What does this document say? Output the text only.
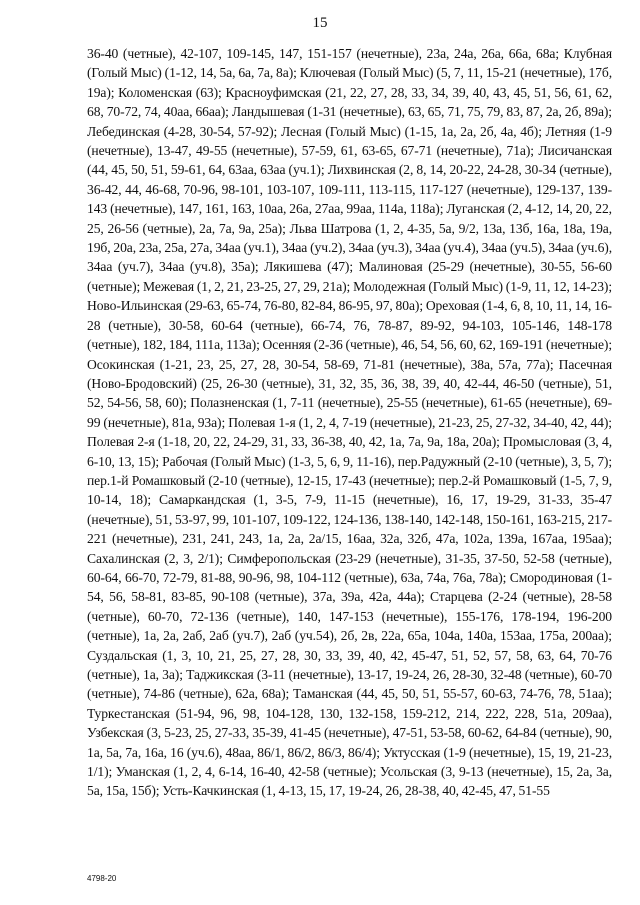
15

36-40 (четные), 42-107, 109-145, 147, 151-157 (нечетные), 23а, 24а, 26а, 66а, 68а; Клубная (Голый Мыс) (1-12, 14, 5а, 6а, 7а, 8а); Ключевая (Голый Мыс) (5, 7, 11, 15-21 (нечетные), 17б, 19а); Коломенская (63); Красноуфимская (21, 22, 27, 28, 33, 34, 39, 40, 43, 45, 51, 56, 61, 62, 68, 70-72, 74, 40аа, 66аа); Ландышевая (1-31 (нечетные), 63, 65, 71, 75, 79, 83, 87, 2а, 2б, 89а); Лебединская (4-28, 30-54, 57-92); Лесная (Голый Мыс) (1-15, 1а, 2а, 2б, 4а, 4б); Летняя (1-9 (нечетные), 13-47, 49-55 (нечетные), 57-59, 61, 63-65, 67-71 (нечетные), 71а); Лисичанская (44, 45, 50, 51, 59-61, 64, 63аа, 63аа (уч.1); Лихвинская (2, 8, 14, 20-22, 24-28, 30-34 (четные), 36-42, 44, 46-68, 70-96, 98-101, 103-107, 109-111, 113-115, 117-127 (нечетные), 129-137, 139-143 (нечетные), 147, 161, 163, 10аа, 26а, 27аа, 99аа, 114а, 118а); Луганская (2, 4-12, 14, 20, 22, 25, 26-56 (четные), 2а, 7а, 9а, 25а); Льва Шатрова (1, 2, 4-35, 5а, 9/2, 13а, 13б, 16а, 18а, 19а, 19б, 20а, 23а, 25а, 27а, 34аа (уч.1), 34аа (уч.2), 34аа (уч.3), 34аа (уч.4), 34аа (уч.5), 34аа (уч.6), 34аа (уч.7), 34аа (уч.8), 35а); Лякишева (47); Малиновая (25-29 (нечетные), 30-55, 56-60 (четные); Межевая (1, 2, 21, 23-25, 27, 29, 21а); Молодежная (Голый Мыс) (1-9, 11, 12, 14-23); Ново-Ильинская (29-63, 65-74, 76-80, 82-84, 86-95, 97, 80а); Ореховая (1-4, 6, 8, 10, 11, 14, 16-28 (четные), 30-58, 60-64 (четные), 66-74, 76, 78-87, 89-92, 94-103, 105-146, 148-178 (четные), 182, 184, 111а, 113а); Осенняя (2-36 (четные), 46, 54, 56, 60, 62, 169-191 (нечетные); Осокинская (1-21, 23, 25, 27, 28, 30-54, 58-69, 71-81 (нечетные), 38а, 57а, 77а); Пасечная (Ново-Бродовский) (25, 26-30 (четные), 31, 32, 35, 36, 38, 39, 40, 42-44, 46-50 (четные), 51, 52, 54-56, 58, 60); Полазненская (1, 7-11 (нечетные), 25-55 (нечетные), 61-65 (нечетные), 69-99 (нечетные), 81а, 93а); Полевая 1-я (1, 2, 4, 7-19 (нечетные), 21-23, 25, 27-32, 34-40, 42, 44); Полевая 2-я (1-18, 20, 22, 24-29, 31, 33, 36-38, 40, 42, 1а, 7а, 9а, 18а, 20а); Промысловая (3, 4, 6-10, 13, 15); Рабочая (Голый Мыс) (1-3, 5, 6, 9, 11-16), пер.Радужный (2-10 (четные), 3, 5, 7); пер.1-й Ромашковый (2-10 (четные), 12-15, 17-43 (нечетные); пер.2-й Ромашковый (1-5, 7, 9, 10-14, 18); Самаркандская (1, 3-5, 7-9, 11-15 (нечетные), 16, 17, 19-29, 31-33, 35-47 (нечетные), 51, 53-97, 99, 101-107, 109-122, 124-136, 138-140, 142-148, 150-161, 163-215, 217-221 (нечетные), 231, 241, 243, 1а, 2а, 2а/15, 16аа, 32а, 32б, 47а, 102а, 139а, 167аа, 195аа); Сахалинская (2, 3, 2/1); Симферопольская (23-29 (нечетные), 31-35, 37-50, 52-58 (четные), 60-64, 66-70, 72-79, 81-88, 90-96, 98, 104-112 (четные), 63а, 74а, 76а, 78а); Смородиновая (1-54, 56, 58-81, 83-85, 90-108 (четные), 37а, 39а, 42а, 44а); Старцева (2-24 (четные), 28-58 (четные), 60-70, 72-136 (четные), 140, 147-153 (нечетные), 155-176, 178-194, 196-200 (четные), 1а, 2а, 2аб, 2аб (уч.7), 2аб (уч.54), 2б, 2в, 22а, 65а, 104а, 140а, 153аа, 175а, 200аа); Суздальская (1, 3, 10, 21, 25, 27, 28, 30, 33, 39, 40, 42, 45-47, 51, 52, 57, 58, 63, 64, 70-76 (четные), 1а, 3а); Таджикская (3-11 (нечетные), 13-17, 19-24, 26, 28-30, 32-48 (четные), 60-70 (четные), 74-86 (четные), 62а, 68а); Таманская (44, 45, 50, 51, 55-57, 60-63, 74-76, 78, 51аа); Туркестанская (51-94, 96, 98, 104-128, 130, 132-158, 159-212, 214, 222, 228, 51а, 209аа), Узбекская (3, 5-23, 25, 27-33, 35-39, 41-45 (нечетные), 47-51, 53-58, 60-62, 64-84 (четные), 90, 1а, 5а, 7а, 16а, 16 (уч.6), 48аа, 86/1, 86/2, 86/3, 86/4); Уктусская (1-9 (нечетные), 15, 19, 21-23, 1/1); Уманская (1, 2, 4, 6-14, 16-40, 42-58 (четные); Усольская (3, 9-13 (нечетные), 15, 2а, 3а, 5а, 15а, 15б); Усть-Качкинская (1, 4-13, 15, 17, 19-24, 26, 28-38, 40, 42-45, 47, 51-55

4798-20
